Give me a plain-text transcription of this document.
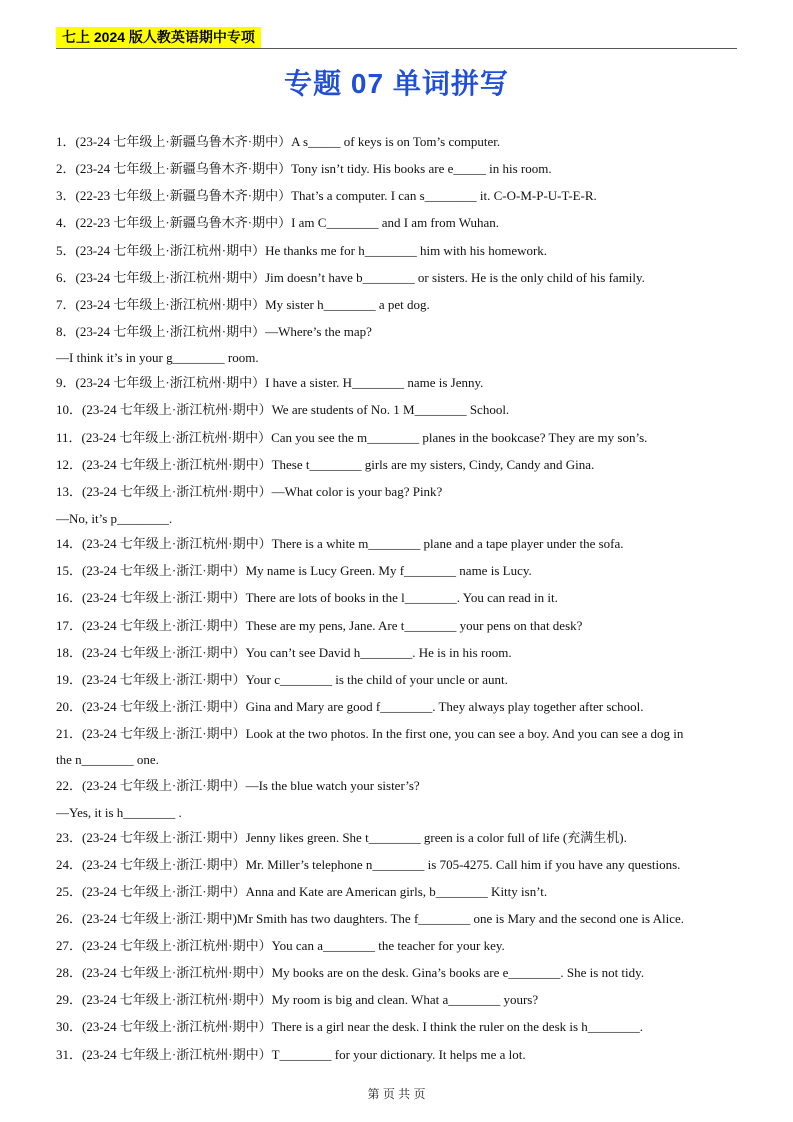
七上 2024 版人教英语期中专项
专题 07 单词拼写
1．(23-24 七年级上·新疆乌鲁木齐·期中）A s_____ of keys is on Tom’s computer.
2．(23-24 七年级上·新疆乌鲁木齐·期中）Tony isn’t tidy. His books are e_____ in his room.
3．(22-23 七年级上·新疆乌鲁木齐·期中）That’s a computer. I can s________ it. C-O-M-P-U-T-E-R.
4．(22-23 七年级上·新疆乌鲁木齐·期中）I am C________ and I am from Wuhan.
5．(23-24 七年级上·浙江杭州·期中）He thanks me for h________ him with his homework.
6．(23-24 七年级上·浙江杭州·期中）Jim doesn’t have b________ or sisters. He is the only child of his family.
7．(23-24 七年级上·浙江杭州·期中）My sister h________ a pet dog.
8．(23-24 七年级上·浙江杭州·期中）—Where’s the map?
—I think it’s in your g________ room.
9．(23-24 七年级上·浙江杭州·期中）I have a sister. H________ name is Jenny.
10．(23-24 七年级上·浙江杭州·期中）We are students of No. 1 M________ School.
11．(23-24 七年级上·浙江杭州·期中）Can you see the m________ planes in the bookcase? They are my son’s.
12．(23-24 七年级上·浙江杭州·期中）These t________ girls are my sisters, Cindy, Candy and Gina.
13．(23-24 七年级上·浙江杭州·期中）—What color is your bag? Pink?
—No, it’s p________.
14．(23-24 七年级上·浙江杭州·期中）There is a white m________ plane and a tape player under the sofa.
15．(23-24 七年级上·浙江·期中）My name is Lucy Green. My f________ name is Lucy.
16．(23-24 七年级上·浙江·期中）There are lots of books in the l________. You can read in it.
17．(23-24 七年级上·浙江·期中）These are my pens, Jane. Are t________ your pens on that desk?
18．(23-24 七年级上·浙江·期中）You can’t see David h________. He is in his room.
19．(23-24 七年级上·浙江·期中）Your c________ is the child of your uncle or aunt.
20．(23-24 七年级上·浙江·期中）Gina and Mary are good f________. They always play together after school.
21．(23-24 七年级上·浙江·期中）Look at the two photos. In the first one, you can see a boy. And you can see a dog in
the n________ one.
22．(23-24 七年级上·浙江·期中）—Is the blue watch your sister’s?
—Yes, it is h________ .
23．(23-24 七年级上·浙江·期中）Jenny likes green. She t________ green is a color full of life (充满生机).
24．(23-24 七年级上·浙江·期中）Mr. Miller’s telephone n________ is 705-4275. Call him if you have any questions.
25．(23-24 七年级上·浙江·期中）Anna and Kate are American girls, b________ Kitty isn’t.
26．(23-24 七年级上·浙江·期中)Mr Smith has two daughters. The f________ one is Mary and the second one is Alice.
27．(23-24 七年级上·浙江杭州·期中）You can a________ the teacher for your key.
28．(23-24 七年级上·浙江杭州·期中）My books are on the desk. Gina’s books are e________. She is not tidy.
29．(23-24 七年级上·浙江杭州·期中）My room is big and clean. What a________ yours?
30．(23-24 七年级上·浙江杭州·期中）There is a girl near the desk. I think the ruler on the desk is h________.
31．(23-24 七年级上·浙江杭州·期中）T________ for your dictionary. It helps me a lot.
第 页 共 页
